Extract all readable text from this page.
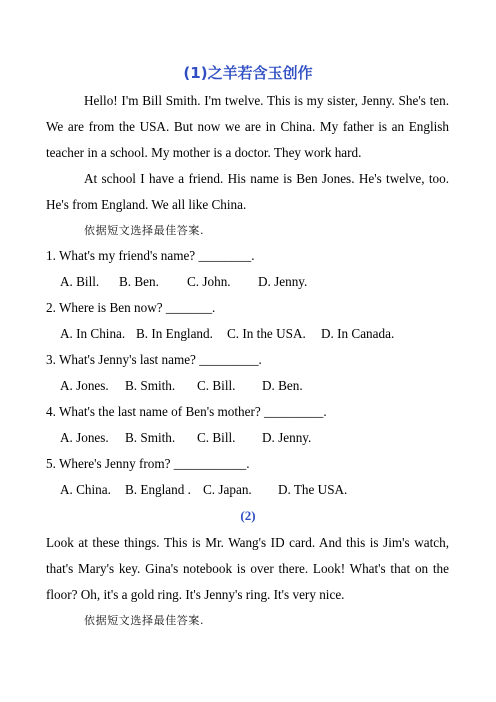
(1)之羊若含玉创作
Hello! I'm Bill Smith. I'm twelve. This is my sister, Jenny. She's ten. We are from the USA. But now we are in China. My father is an English teacher in a school. My mother is a doctor. They work hard.
At school I have a friend. His name is Ben Jones. He's twelve, too. He's from England. We all like China.
依据短文选择最佳答案.
1. What's my friend's name? ________.
A. Bill. B. Ben. C. John. D. Jenny.
2. Where is Ben now? _______.
A. In China. B. In England. C. In the USA. D. In Canada.
3. What's Jenny's last name? _________.
A. Jones. B. Smith. C. Bill. D. Ben.
4. What's the last name of Ben's mother? _________.
A. Jones. B. Smith. C. Bill. D. Jenny.
5. Where's Jenny from? ___________.
A. China. B. England . C. Japan. D. The USA.
(2)
Look at these things. This is Mr. Wang's ID card. And this is Jim's watch, that's Mary's key. Gina's notebook is over there. Look! What's that on the floor? Oh, it's a gold ring. It's Jenny's ring. It's very nice.
依据短文选择最佳答案.
